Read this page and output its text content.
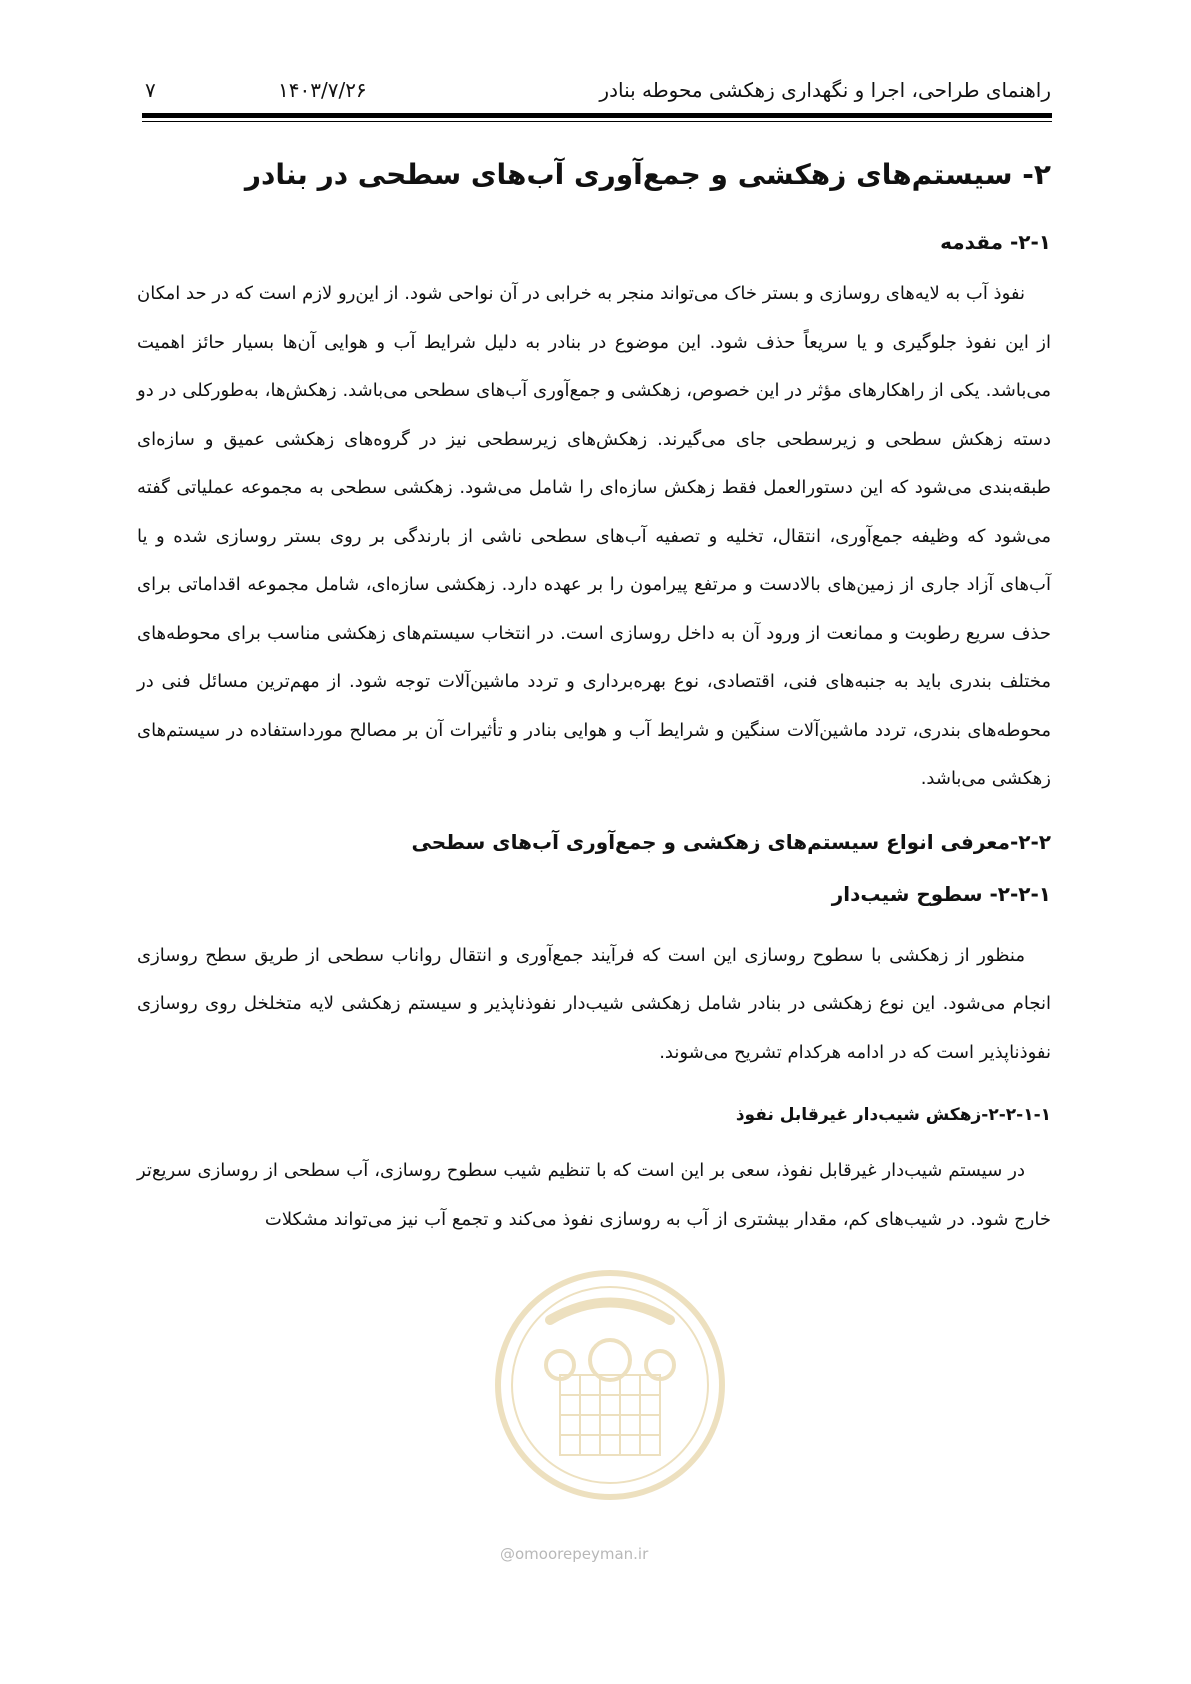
۷	۱۴۰۳/۷/۲۶	راهنمای طراحی، اجرا و نگهداری زهکشی محوطه بنادر
۲- سیستم‌های زهکشی و جمع‌آوری آب‌های سطحی در بنادر
۲-۱- مقدمه

نفوذ آب به لایه‌های روسازی و بستر خاک می‌تواند منجر به خرابی در آن نواحی شود. از این‌رو لازم است که در حد امکان از این نفوذ جلوگیری و یا سریعاً حذف شود. این موضوع در بنادر به دلیل شرایط آب و هوایی آن‌ها بسیار حائز اهمیت می‌باشد. یکی از راهکارهای مؤثر در این خصوص، زهکشی و جمع‌آوری آب‌های سطحی می‌باشد. زهکش‌ها، به‌طورکلی در دو دسته زهکش سطحی و زیرسطحی جای می‌گیرند. زهکش‌های زیرسطحی نیز در گروه‌های زهکشی عمیق و سازه‌ای طبقه‌بندی می‌شود که این دستورالعمل فقط زهکش سازه‌ای را شامل می‌شود. زهکشی سطحی به مجموعه عملیاتی گفته می‌شود که وظیفه جمع‌آوری، انتقال، تخلیه و تصفیه آب‌های سطحی ناشی از بارندگی بر روی بستر روسازی شده و یا آب‌های آزاد جاری از زمین‌های بالادست و مرتفع پیرامون را بر عهده دارد. زهکشی سازه‌ای، شامل مجموعه اقداماتی برای حذف سریع رطوبت و ممانعت از ورود آن به داخل روسازی است. در انتخاب سیستم‌های زهکشی مناسب برای محوطه‌های مختلف بندری باید به جنبه‌های فنی، اقتصادی، نوع بهره‌برداری و تردد ماشین‌آلات توجه شود. از مهم‌ترین مسائل فنی در محوطه‌های بندری، تردد ماشین‌آلات سنگین و شرایط آب و هوایی بنادر و تأثیرات آن بر مصالح مورداستفاده در سیستم‌های زهکشی می‌باشد.

۲-۲-معرفی انواع سیستم‌های زهکشی و جمع‌آوری آب‌های سطحی
۲-۲-۱- سطوح شیب‌دار

منظور از زهکشی با سطوح روسازی این است که فرآیند جمع‌آوری و انتقال رواناب سطحی از طریق سطح روسازی انجام می‌شود. این نوع زهکشی در بنادر شامل زهکشی شیب‌دار نفوذناپذیر و سیستم زهکشی لایه متخلخل روی روسازی نفوذناپذیر است که در ادامه هرکدام تشریح می‌شوند.

۲-۲-۱-۱-زهکش شیب‌دار غیرقابل نفوذ

در سیستم شیب‌دار غیرقابل نفوذ، سعی بر این است که با تنظیم شیب سطوح روسازی، آب سطحی از روسازی سریع‌تر خارج شود. در شیب‌های کم، مقدار بیشتری از آب به روسازی نفوذ می‌کند و تجمع آب نیز می‌تواند مشکلات

@omoorepeyman.ir
